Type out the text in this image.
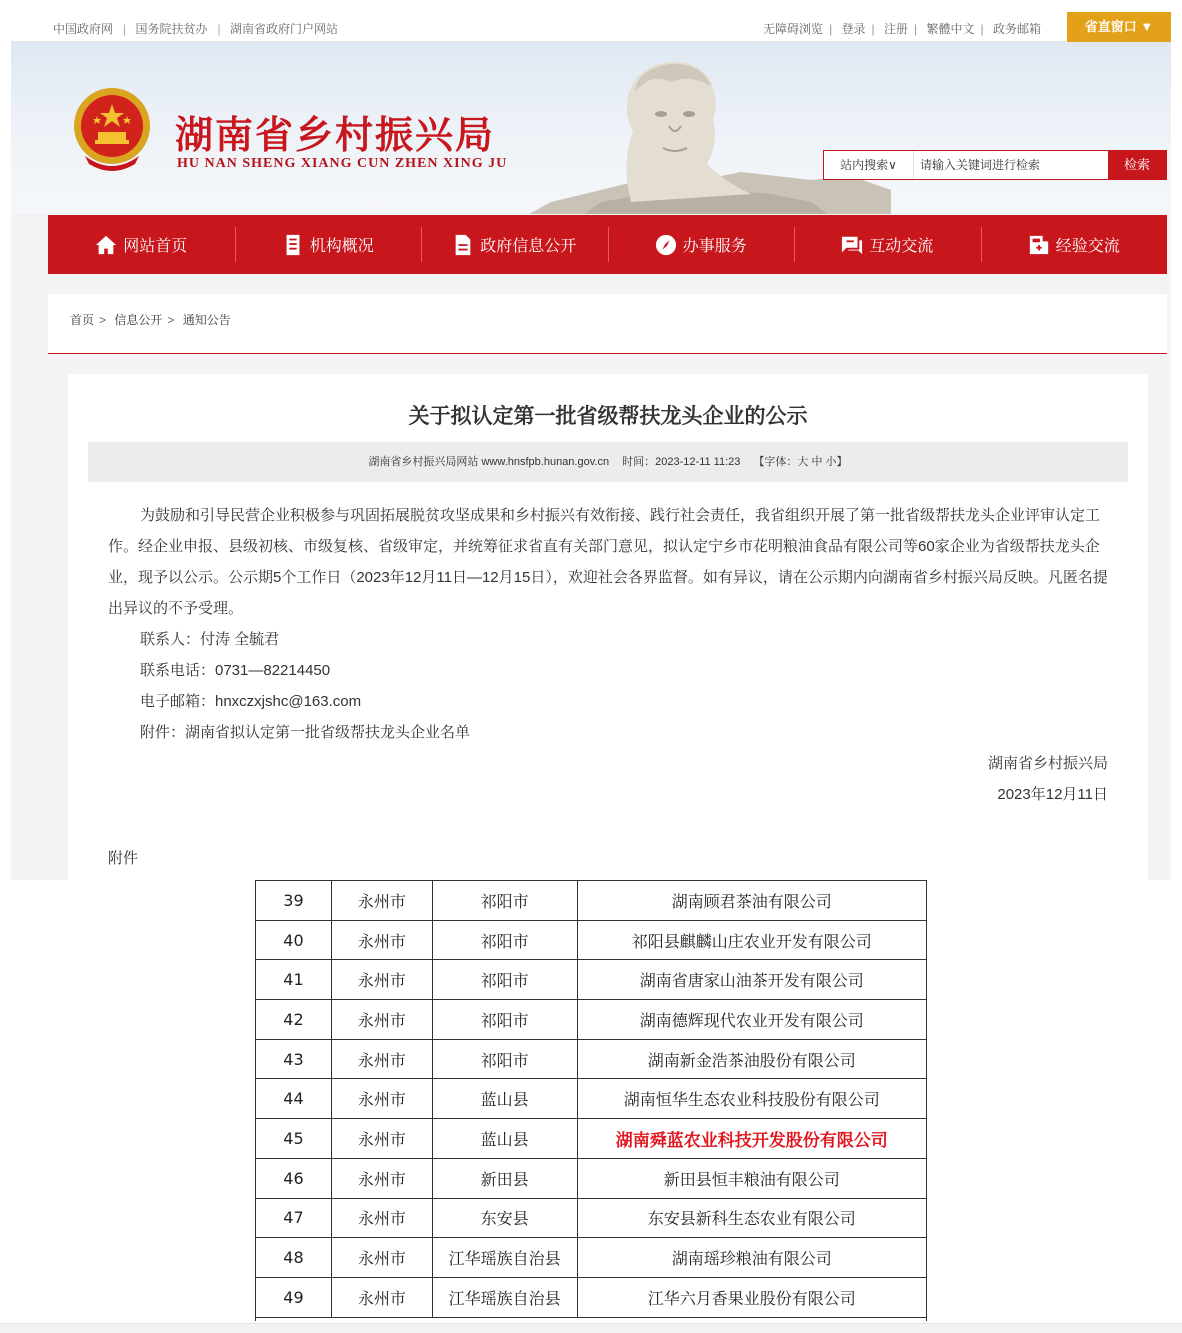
中国政府网 | 国务院扶贫办 | 湖南省政府门户网站	无障碍浏览 | 登录 | 注册 | 繁體中文 | 政务邮箱	省直窗口 ▼
湖南省乡村振兴局
HU NAN SHENG XIANG CUN ZHEN XING JU	站内搜索∨
请输入关键词进行检索	检索
网站首页	机构概况	政府信息公开	办事服务	互动交流	经验交流
首页 > 信息公开 > 通知公告
关于拟认定第一批省级帮扶龙头企业的公示
湖南省乡村振兴局网站 www.hnsfpb.hunan.gov.cn 时间：2023-12-11 11:23 【字体：大 中 小】

为鼓励和引导民营企业积极参与巩固拓展脱贫攻坚成果和乡村振兴有效衔接、践行社会责任，我省组织开展了第一批省级帮扶龙头企业评审认定工作。经企业申报、县级初核、市级复核、省级审定，并统筹征求省直有关部门意见，拟认定宁乡市花明粮油食品有限公司等60家企业为省级帮扶龙头企业，现予以公示。公示期5个工作日（2023年12月11日—12月15日），欢迎社会各界监督。如有异议，请在公示期内向湖南省乡村振兴局反映。凡匿名提出异议的不予受理。

联系人：付涛 全毓君

联系电话：0731—82214450

电子邮箱：hnxczxjshc@163.com

附件：湖南省拟认定第一批省级帮扶龙头企业名单

湖南省乡村振兴局

2023年12月11日

附件
39	永州市	祁阳市	湖南顾君茶油有限公司
40	永州市	祁阳市	祁阳县麒麟山庄农业开发有限公司
41	永州市	祁阳市	湖南省唐家山油茶开发有限公司
42	永州市	祁阳市	湖南德辉现代农业开发有限公司
43	永州市	祁阳市	湖南新金浩茶油股份有限公司
44	永州市	蓝山县	湖南恒华生态农业科技股份有限公司
45	永州市	蓝山县	湖南舜蓝农业科技开发股份有限公司
46	永州市	新田县	新田县恒丰粮油有限公司
47	永州市	东安县	东安县新科生态农业有限公司
48	永州市	江华瑶族自治县	湖南瑶珍粮油有限公司
49	永州市	江华瑶族自治县	江华六月香果业股份有限公司
